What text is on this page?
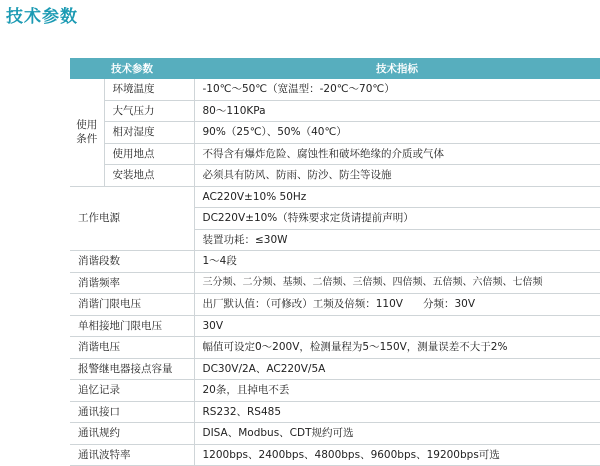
技术参数
技术参数		技术指标
使用
条件	环境温度	-10℃～50℃（宽温型：-20℃～70℃）
	大气压力	80～110KPa
	相对湿度	90%（25℃）、50%（40℃）
	使用地点	不得含有爆炸危险、腐蚀性和破坏绝缘的介质或气体
	安装地点	必须具有防风、防雨、防沙、防尘等设施
工作电源		AC220V±10% 50Hz
		DC220V±10%（特殊要求定货请提前声明）
		装置功耗：≤30W
消谐段数		1～4段
消谐频率		三分频、二分频、基频、二倍频、三倍频、四倍频、五倍频、六倍频、七倍频
消谐门限电压		出厂默认值：（可修改）工频及倍频：110V      分频：30V
单相接地门限电压		30V
消谐电压		幅值可设定0～200V，检测量程为5～150V，测量误差不大于2%
报警继电器接点容量		DC30V/2A、AC220V/5A
追忆记录		20条，且掉电不丢
通讯接口		RS232、RS485
通讯规约		DISA、Modbus、CDT规约可选
通讯波特率		1200bps、2400bps、4800bps、9600bps、19200bps可选
